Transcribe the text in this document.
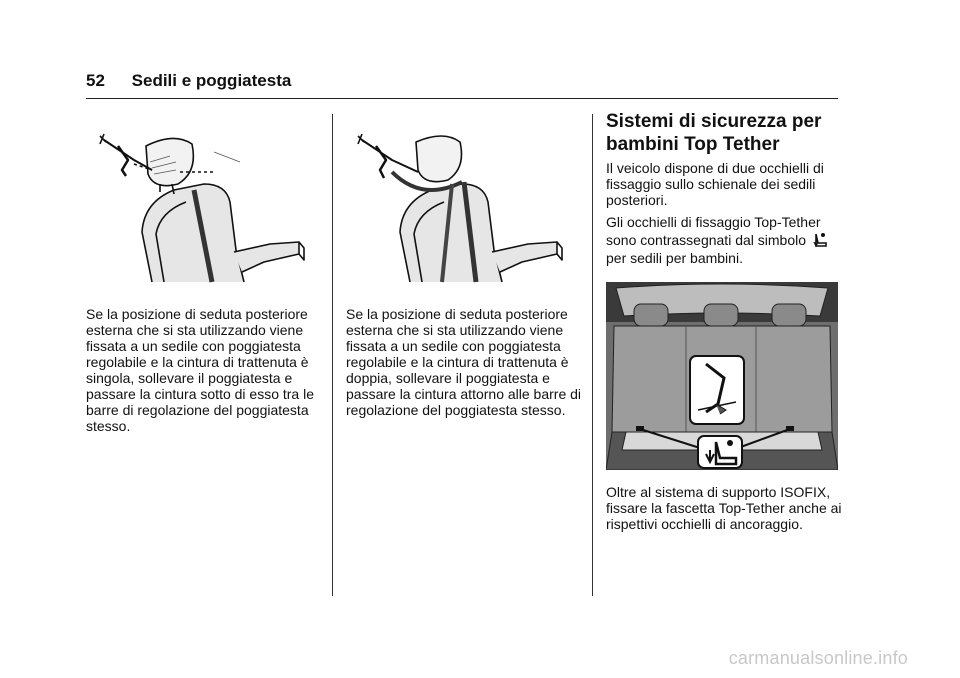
52 Sedili e poggiatesta

Se la posizione di seduta posteriore esterna che si sta utilizzando viene fissata a un sedile con poggiatesta regolabile e la cintura di trattenuta è singola, sollevare il poggiatesta e passare la cintura sotto di esso tra le barre di regolazione del poggiatesta stesso.

Se la posizione di seduta posteriore esterna che si sta utilizzando viene fissata a un sedile con poggiatesta regolabile e la cintura di trattenuta è doppia, sollevare il poggiatesta e passare la cintura attorno alle barre di regolazione del poggiatesta stesso.

Sistemi di sicurezza per bambini Top Tether

Il veicolo dispone di due occhielli di fissaggio sullo schienale dei sedili posteriori.

Gli occhielli di fissaggio Top-Tether sono contrassegnati dal simbolo
per sedili per bambini.

Oltre al sistema di supporto ISOFIX, fissare la fascetta Top-Tether anche ai rispettivi occhielli di ancoraggio.

carmanualsonline.info
